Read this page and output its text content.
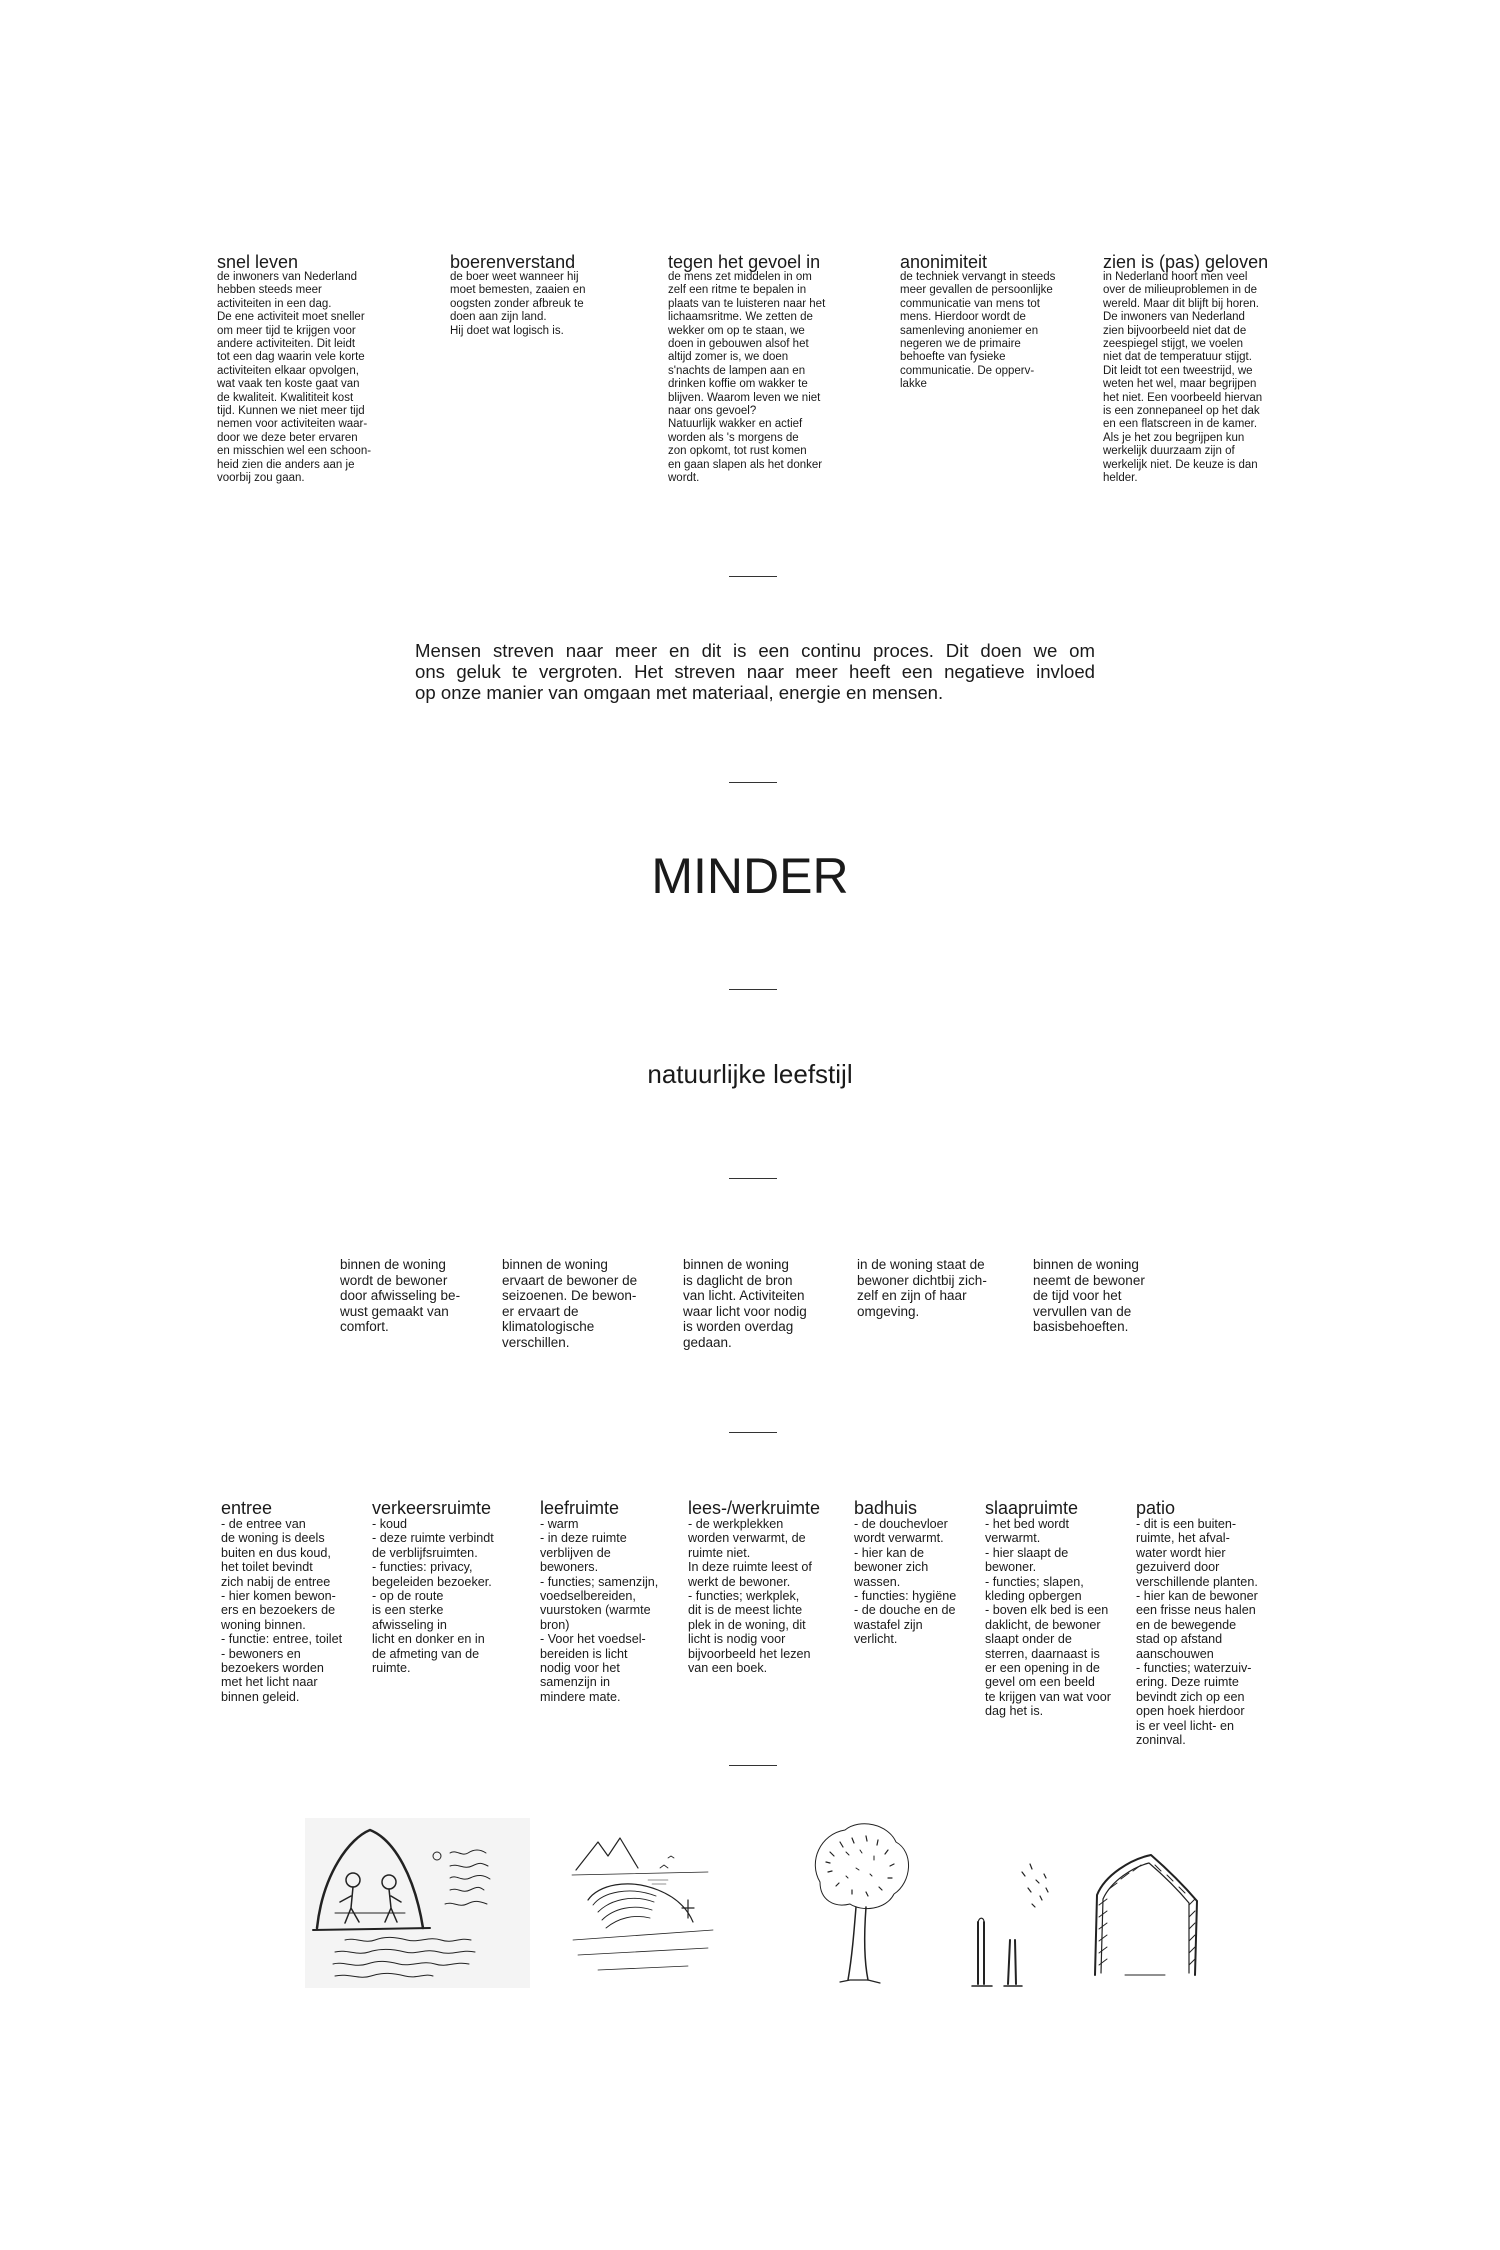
snel leven

de inwoners van Nederland
hebben steeds meer
activiteiten in een dag.
De ene activiteit moet sneller
om meer tijd te krijgen voor
andere activiteiten. Dit leidt
tot een dag waarin vele korte
activiteiten elkaar opvolgen,
wat vaak ten koste gaat van
de kwaliteit. Kwalititeit kost
tijd. Kunnen we niet meer tijd
nemen voor activiteiten waar-
door we deze beter ervaren
en misschien wel een schoon-
heid zien die anders aan je
voorbij zou gaan.

boerenverstand

de boer weet wanneer hij
moet bemesten, zaaien en
oogsten zonder afbreuk te
doen aan zijn land.
Hij doet wat logisch is.

tegen het gevoel in

de mens zet middelen in om
zelf een ritme te bepalen in
plaats van te luisteren naar het
lichaamsritme. We zetten de
wekker om op te staan, we
doen in gebouwen alsof het
altijd zomer is, we doen
s'nachts de lampen aan en
drinken koffie om wakker te
blijven. Waarom leven we niet
naar ons gevoel?
Natuurlijk wakker en actief
worden als 's morgens de
zon opkomt, tot rust komen
en gaan slapen als het donker
wordt.

anonimiteit

de techniek vervangt in steeds
meer gevallen de persoonlijke
communicatie van mens tot
mens. Hierdoor wordt de
samenleving anoniemer en
negeren we de primaire
behoefte van fysieke
communicatie. De opperv-
lakke

zien is (pas) geloven

in Nederland hoort men veel
over de milieuproblemen in de
wereld. Maar dit blijft bij horen.
De inwoners van Nederland
zien bijvoorbeeld niet dat de
zeespiegel stijgt, we voelen
niet dat de temperatuur stijgt.
Dit leidt tot een tweestrijd, we
weten het wel, maar begrijpen
het niet. Een voorbeeld hiervan
is een zonnepaneel op het dak
en een flatscreen in de kamer.
Als je het zou begrijpen kun
werkelijk duurzaam zijn of
werkelijk niet. De keuze is dan
helder.

Mensen streven naar meer en dit is een continu proces. Dit doen we om
ons geluk te vergroten. Het streven naar meer heeft een negatieve invloed
op onze manier van omgaan met materiaal, energie en mensen.

MINDER
natuurlijke leefstijl

binnen de woning
wordt de bewoner
door afwisseling be-
wust gemaakt van
comfort.

binnen de woning
ervaart de bewoner de
seizoenen. De bewon-
er ervaart de
klimatologische
verschillen.

binnen de woning
is daglicht de bron
van licht. Activiteiten
waar licht voor nodig
is worden overdag
gedaan.

in de woning staat de
bewoner dichtbij zich-
zelf en zijn of haar
omgeving.

binnen de woning
neemt de bewoner
de tijd voor het
vervullen van de
basisbehoeften.

entree

- de entree van
de woning is deels
buiten en dus koud,
het toilet bevindt
zich nabij de entree
- hier komen bewon-
ers en bezoekers de
woning binnen.
- functie: entree, toilet
- bewoners en
bezoekers worden
met het licht naar
binnen geleid.

verkeersruimte

- koud
- deze ruimte verbindt
de verblijfsruimten.
- functies: privacy,
begeleiden bezoeker.
- op de route
is een sterke
afwisseling in
licht en donker en in
de afmeting van de
ruimte.

leefruimte

- warm
- in deze ruimte
verblijven de
bewoners.
- functies; samenzijn,
voedselbereiden,
vuurstoken (warmte
bron)
- Voor het voedsel-
bereiden is licht
nodig voor het
samenzijn in
mindere mate.

lees-/werkruimte

- de werkplekken
worden verwarmt, de
ruimte niet.
In deze ruimte leest of
werkt de bewoner.
- functies; werkplek,
dit is de meest lichte
plek in de woning, dit
licht is nodig voor
bijvoorbeeld het lezen
van een boek.

badhuis

- de douchevloer
wordt verwarmt.
- hier kan de
bewoner zich
wassen.
- functies: hygiëne
- de douche en de
wastafel zijn
verlicht.

slaapruimte

- het bed wordt
verwarmt.
- hier slaapt de
bewoner.
- functies; slapen,
kleding opbergen
- boven elk bed is een
daklicht, de bewoner
slaapt onder de
sterren, daarnaast is
er een opening in de
gevel om een beeld
te krijgen van wat voor
dag het is.

patio

- dit is een buiten-
ruimte, het afval-
water wordt hier
gezuiverd door
verschillende planten.
- hier kan de bewoner
een frisse neus halen
en de bewegende
stad op afstand
aanschouwen
- functies; waterzuiv-
ering. Deze ruimte
bevindt zich op een
open hoek hierdoor
is er veel licht- en
zoninval.
